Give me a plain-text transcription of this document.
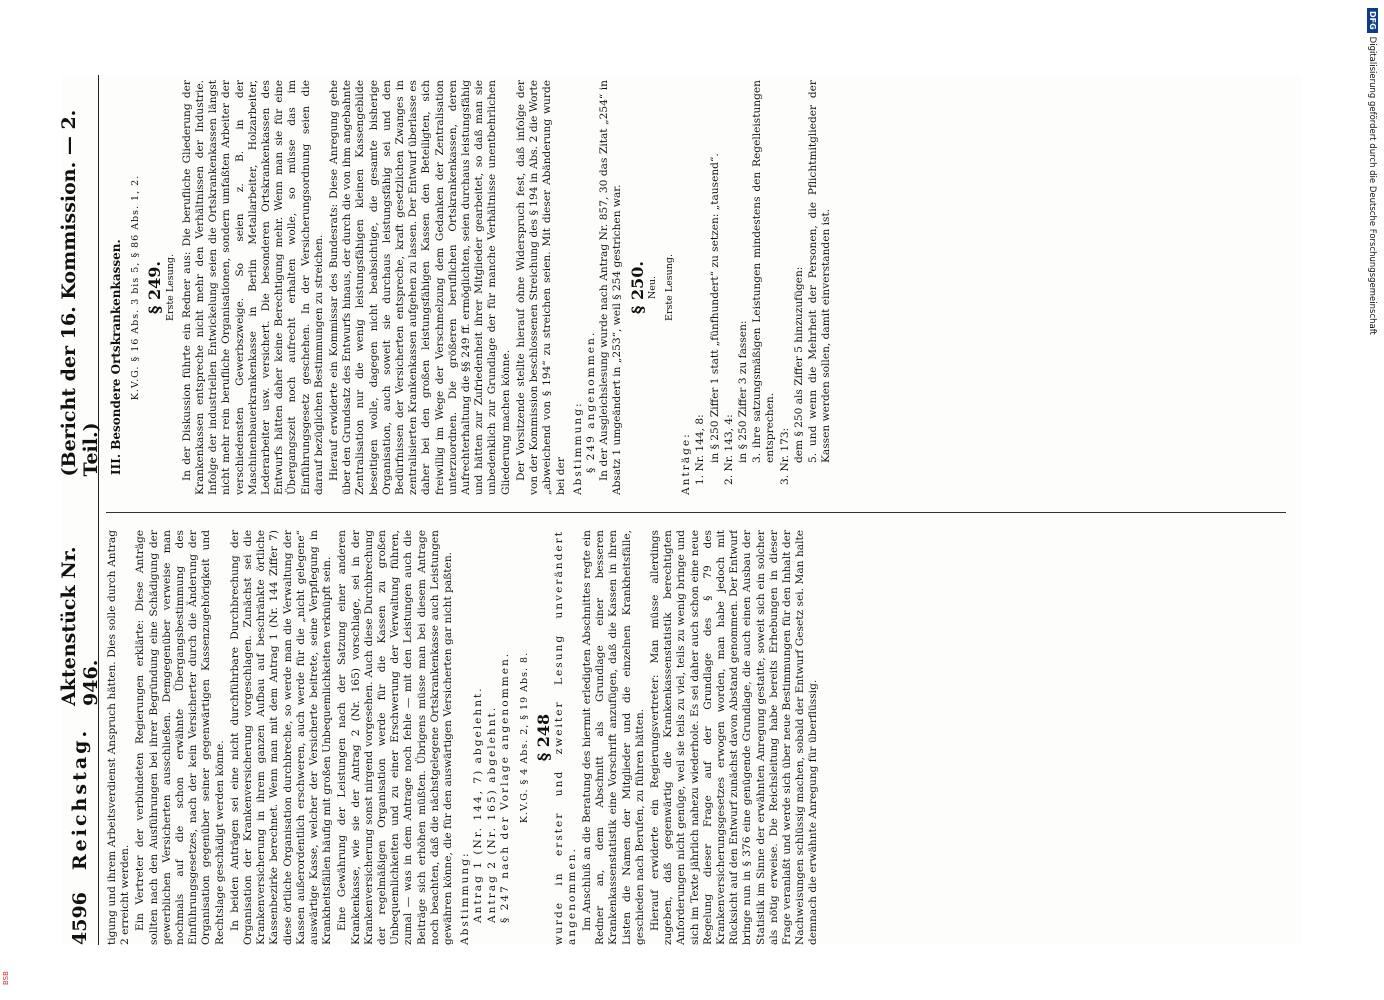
4596
Reichstag.
Aktenstück Nr. 946.
(Bericht der 16. Kommission. — 2. Teil.)

tigung und ihrem Arbeitsverdienst Anspruch hätten. Dies solle durch Antrag 2 erreicht werden. Ein Vertreter der verbündeten Regierungen erklärte: Diese Anträge sollten nach den Ausführungen bei ihrer Begründung eine Schädigung der gewerblichen Versicherten ausschließen. Demgegenüber verweise man nochmals auf die schon erwähnte Übergangsbestimmung des Einführungsgesetzes, nach der kein Versicherter durch die Änderung der Organisation gegenüber seiner gegenwärtigen Kassenzugehörigkeit und Rechtslage geschädigt werden könne. In beiden Anträgen sei eine nicht durchführbare Durchbrechung der Organisation der Krankenversicherung vorgeschlagen. Zunächst sei die Krankenversicherung in ihrem ganzen Aufbau auf beschränkte örtliche Kassenbezirke berechnet. Wenn man mit dem Antrag 1 (Nr. 144 Ziffer 7) diese örtliche Organisation durchbreche, so werde man die Verwaltung der Kassen außerordentlich erschweren, auch werde für die „nicht gelegene“ auswärtige Kasse, welcher der Versicherte beitrete, seine Verpflegung in Krankheitsfällen häufig mit großen Unbequemlichkeiten verknüpft sein. Eine Gewährung der Leistungen nach der Satzung einer anderen Krankenkasse, wie sie der Antrag 2 (Nr. 165) vorschlage, sei in der Krankenversicherung sonst nirgend vorgesehen. Auch diese Durchbrechung der regelmäßigen Organisation werde für die Kassen zu großen Unbequemlichkeiten und zu einer Erschwerung der Verwaltung führen, zumal — was in dem Antrage noch fehle — mit den Leistungen auch die Beiträge sich erhöhen müßten. Übrigens müsse man bei diesem Antrage noch beachten, daß die nächstgelegene Ortskrankenkasse auch Leistungen gewähren könne, die für den auswärtigen Versicherten gar nicht paßten. Abstimmung: Antrag 1 (Nr. 144, 7) abgelehnt. Antrag 2 (Nr. 165) abgelehnt. § 247 nach der Vorlage angenommen. K.V.G. § 4 Abs. 2, § 19 Abs. 8. § 248 wurde in erster und zweiter Lesung unverändert angenommen. Im Anschluß an die Beratung des hiermit erledigten Abschnittes regte ein Redner an, dem Abschnitt als Grundlage einer besseren Krankenkassenstatistik eine Vorschrift anzufügen, daß die Kassen in ihren Listen die Namen der Mitglieder und die einzelnen Krankheitsfälle, geschieden nach Berufen, zu führen hätten. Hierauf erwiderte ein Regierungsvertreter: Man müsse allerdings zugeben, daß gegenwärtig die Krankenkassenstatistik berechtigten Anforderungen nicht genüge, weil sie teils zu viel, teils zu wenig bringe und sich im Texte jährlich nahezu wiederhole. Es sei daher auch schon eine neue Regelung dieser Frage auf der Grundlage des § 79 des Krankenversicherungsgesetzes erwogen worden, man habe jedoch mit Rücksicht auf den Entwurf zunächst davon Abstand genommen. Der Entwurf bringe nun in § 376 eine genügende Grundlage, die auch einen Ausbau der Statistik im Sinne der erwähnten Anregung gestatte, soweit sich ein solcher als nötig erweise. Die Reichsleitung habe bereits Erhebungen in dieser Frage veranlaßt und werde sich über neue Bestimmungen für den Inhalt der Nachweisungen schlüssig machen, sobald der Entwurf Gesetz sei. Man halte demnach die erwähnte Anregung für überflüssig.

III. Besondere Ortskrankenkassen. K.V.G. § 16 Abs. 3 bis 5, § 86 Abs. 1, 2. § 249. Erste Lesung. In der Diskussion führte ein Redner aus: Die berufliche Gliederung der Krankenkassen entspreche nicht mehr den Verhältnissen der Industrie. Infolge der industriellen Entwickelung seien die Ortskrankenkassen längst nicht mehr rein berufliche Organisationen, sondern umfaßten Arbeiter der verschiedensten Gewerbszweige. So seien z. B. in der Maschinenbauerkrankenkasse in Berlin Metallarbeiter, Holzarbeiter, Lederarbeiter usw. versichert. Die besonderen Ortskrankenkassen des Entwurfs hätten daher keine Berechtigung mehr. Wenn man sie für eine Übergangszeit noch aufrecht erhalten wolle, so müsse das im Einführungsgesetz geschehen. In der Versicherungsordnung seien die darauf bezüglichen Bestimmungen zu streichen. Hierauf erwiderte ein Kommissar des Bundesrats: Diese Anregung gehe über den Grundsatz des Entwurfs hinaus, der durch die von ihm angebahnte Zentralisation nur die wenig leistungsfähigen kleinen Kassengebilde beseitigen wolle, dagegen nicht beabsichtige, die gesamte bisherige Organisation, auch soweit sie durchaus leistungsfähig sei und den Bedürfnissen der Versicherten entspreche, kraft gesetzlichen Zwanges in zentralisierten Krankenkassen aufgehen zu lassen. Der Entwurf überlasse es daher bei den großen leistungsfähigen Kassen den Beteiligten, sich freiwillig im Wege der Verschmelzung dem Gedanken der Zentralisation unterzuordnen. Die größeren beruflichen Ortskrankenkassen, deren Aufrechterhaltung die §§ 249 ff. ermöglichten, seien durchaus leistungsfähig und hätten zur Zufriedenheit ihrer Mitglieder gearbeitet, so daß man sie unbedenklich zur Grundlage der für manche Verhältnisse unentbehrlichen Gliederung machen könne. Der Vorsitzende stellte hierauf ohne Widerspruch fest, daß infolge der von der Kommission beschlossenen Streichung des § 194 in Abs. 2 die Worte „abweichend von § 194“ zu streichen seien. Mit dieser Abänderung wurde bei der Abstimmung: § 249 angenommen. In der Ausgleichslesung wurde nach Antrag Nr. 857, 30 das Zitat „254“ in Absatz 1 umgeändert in „253“, weil § 254 gestrichen war. § 250. Neu. Erste Lesung.
Anträge: 1. Nr. 144, 8: in § 250 Ziffer 1 statt „fünfhundert“ zu setzen: „tausend“. 2. Nr. 143, 4: in § 250 Ziffer 3 zu fassen: 3. ihre satzungsmäßigen Leistungen mindestens den Regelleistungen entsprechen. 3. Nr. 173: dem § 250 als Ziffer 5 hinzuzufügen: 5. und wenn die Mehrheit der Personen, die Pflichtmitglieder der Kassen werden sollen, damit einverstanden ist.
DFG
Digitalisierung gefördert durch die Deutsche Forschungsgemeinschaft
BSB
